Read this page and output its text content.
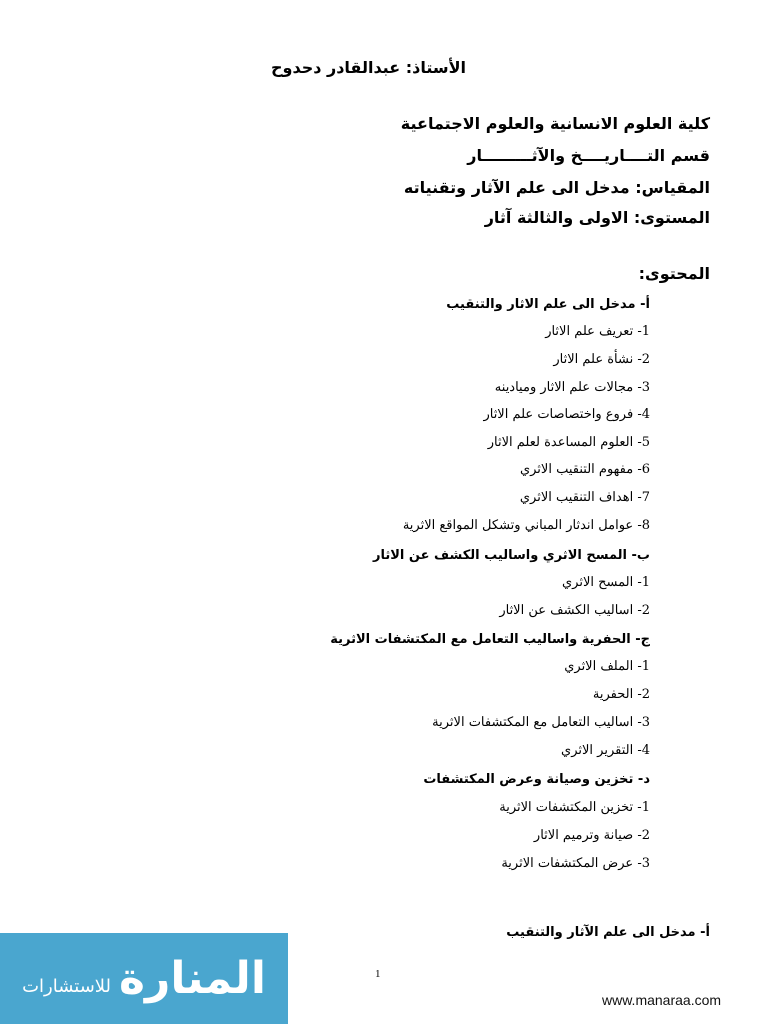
الأستاذ: عبدالقادر دحدوح
كلية العلوم الانسانية والعلوم الاجتماعية
قسم التــــاريــــخ والآثـــــــــار
المقياس: مدخل الى علم الآثار وتقنياته
المستوى: الاولى والثالثة آثار
المحتوى:
أ- مدخل الى علم الاثار والتنقيب
1- تعريف علم الاثار
2- نشأة علم الاثار
3- مجالات علم الاثار وميادينه
4- فروع واختصاصات علم الاثار
5- العلوم المساعدة لعلم الاثار
6- مفهوم التنقيب الاثري
7- اهداف التنقيب الاثري
8- عوامل اندثار المباني وتشكل المواقع الاثرية
ب- المسح الاثري واساليب الكشف عن الاثار
1- المسح الاثري
2- اساليب الكشف عن الاثار
ج- الحفرية واساليب التعامل مع المكتشفات الاثرية
1- الملف الاثري
2- الحفرية
3- اساليب التعامل مع المكتشفات الاثرية
4- التقرير الاثري
د- تخزين وصيانة وعرض المكتشفات
1- تخزين المكتشفات الاثرية
2- صيانة وترميم الاثار
3- عرض المكتشفات الاثرية
أ- مدخل الى علم الآثار والتنقيب
1
المنارة
للاستشارات
www.manaraa.com
